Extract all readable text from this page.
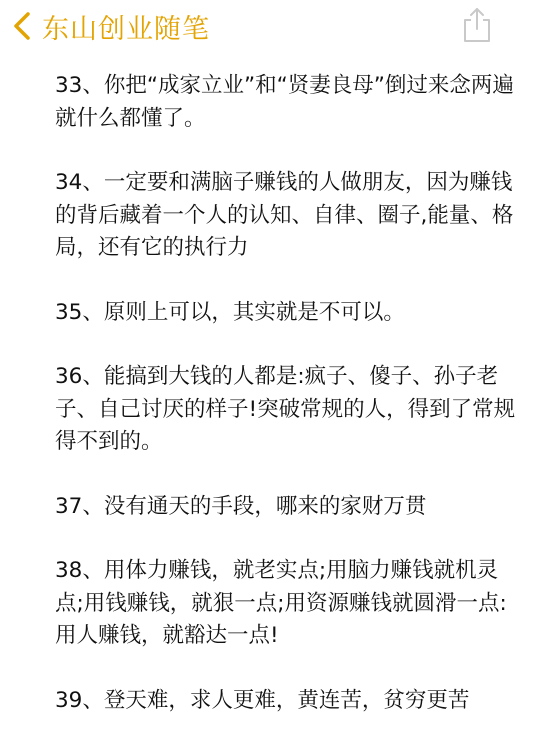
东山创业随笔

33、你把“成家立业”和“贤妻良母”倒过来念两遍就什么都懂了。

34、一定要和满脑子赚钱的人做朋友，因为赚钱的背后藏着一个人的认知、自律、圈子,能量、格局，还有它的执行力

35、原则上可以，其实就是不可以。

36、能搞到大钱的人都是:疯子、傻子、孙子老子、自己讨厌的样子!突破常规的人，得到了常规得不到的。

37、没有通天的手段，哪来的家财万贯

38、用体力赚钱，就老实点;用脑力赚钱就机灵点;用钱赚钱，就狠一点;用资源赚钱就圆滑一点:用人赚钱，就豁达一点!

39、登天难，求人更难，黄连苦，贫穷更苦
